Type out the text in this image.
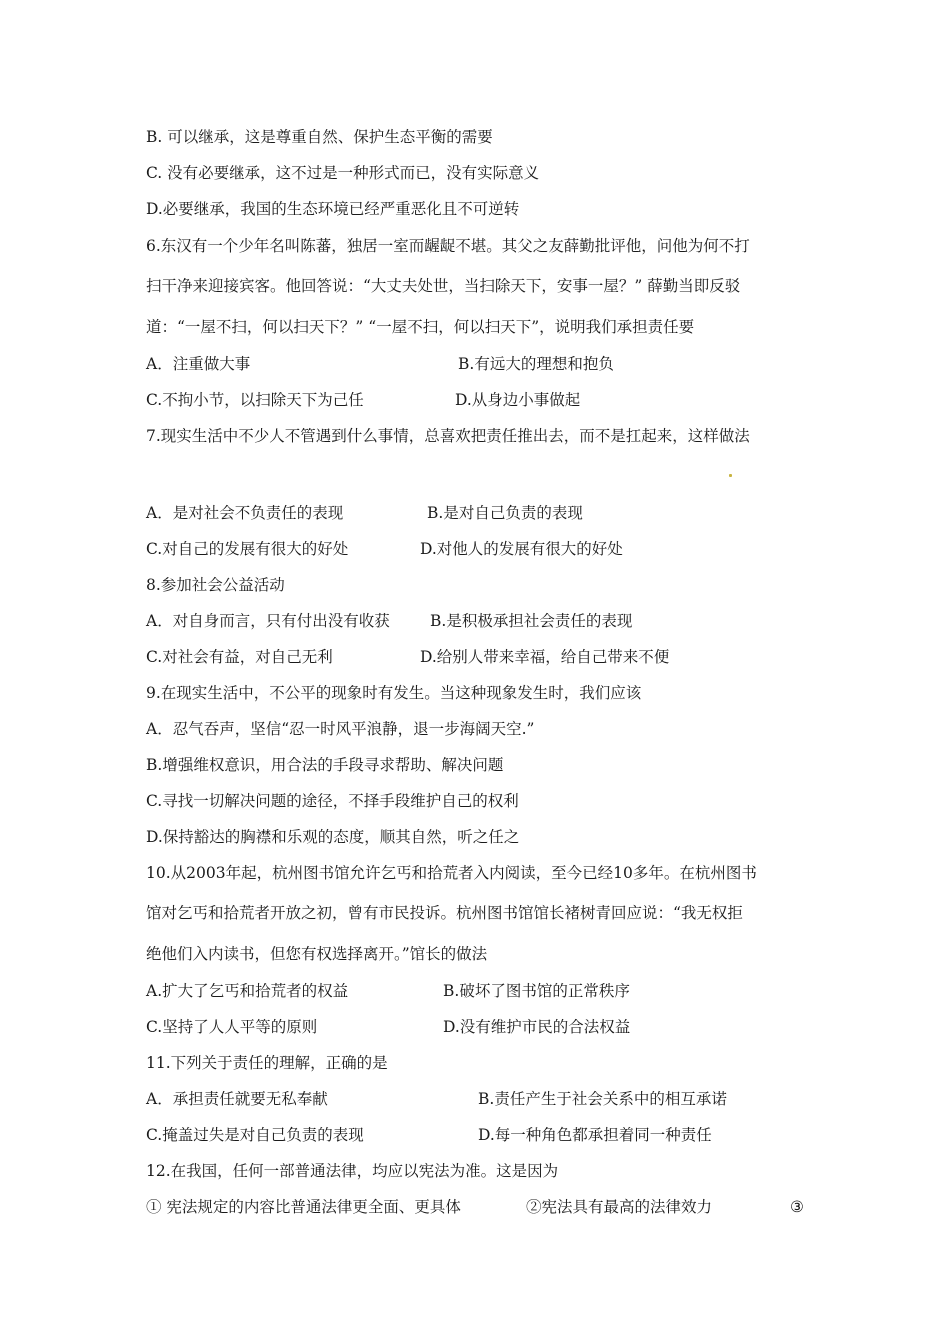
B. 可以继承，这是尊重自然、保护生态平衡的需要
C. 没有必要继承，这不过是一种形式而已，没有实际意义
D.必要继承，我国的生态环境已经严重恶化且不可逆转
6.东汉有一个少年名叫陈蕃，独居一室而龌龊不堪。其父之友薛勤批评他，问他为何不打
扫干净来迎接宾客。他回答说：“大丈夫处世，当扫除天下，安事一屋？” 薛勤当即反驳
道：“一屋不扫，何以扫天下？” “一屋不扫，何以扫天下”，说明我们承担责任要
A．注重做大事	B.有远大的理想和抱负
C.不拘小节，以扫除天下为己任	D.从身边小事做起
7.现实生活中不少人不管遇到什么事情，总喜欢把责任推出去，而不是扛起来，这样做法
A．是对社会不负责任的表现	B.是对自己负责的表现
C.对自己的发展有很大的好处	D.对他人的发展有很大的好处
8.参加社会公益活动
A．对自身而言，只有付出没有收获	B.是积极承担社会责任的表现
C.对社会有益，对自己无利	D.给别人带来幸福，给自己带来不便
9.在现实生活中，不公平的现象时有发生。当这种现象发生时，我们应该
A．忍气吞声，坚信“忍一时风平浪静，退一步海阔天空.”
B.增强维权意识，用合法的手段寻求帮助、解决问题
C.寻找一切解决问题的途径，不择手段维护自己的权利
D.保持豁达的胸襟和乐观的态度，顺其自然，听之任之
10.从2003年起，杭州图书馆允许乞丐和拾荒者入内阅读，至今已经10多年。在杭州图书
馆对乞丐和拾荒者开放之初，曾有市民投诉。杭州图书馆馆长褚树青回应说：“我无权拒
绝他们入内读书，但您有权选择离开。”馆长的做法
A.扩大了乞丐和拾荒者的权益	B.破坏了图书馆的正常秩序
C.坚持了人人平等的原则	D.没有维护市民的合法权益
11.下列关于责任的理解，正确的是
A．承担责任就要无私奉献	B.责任产生于社会关系中的相互承诺
C.掩盖过失是对自己负责的表现	D.每一种角色都承担着同一种责任
12.在我国，任何一部普通法律，均应以宪法为准。这是因为
① 宪法规定的内容比普通法律更全面、更具体	②宪法具有最高的法律效力	③
